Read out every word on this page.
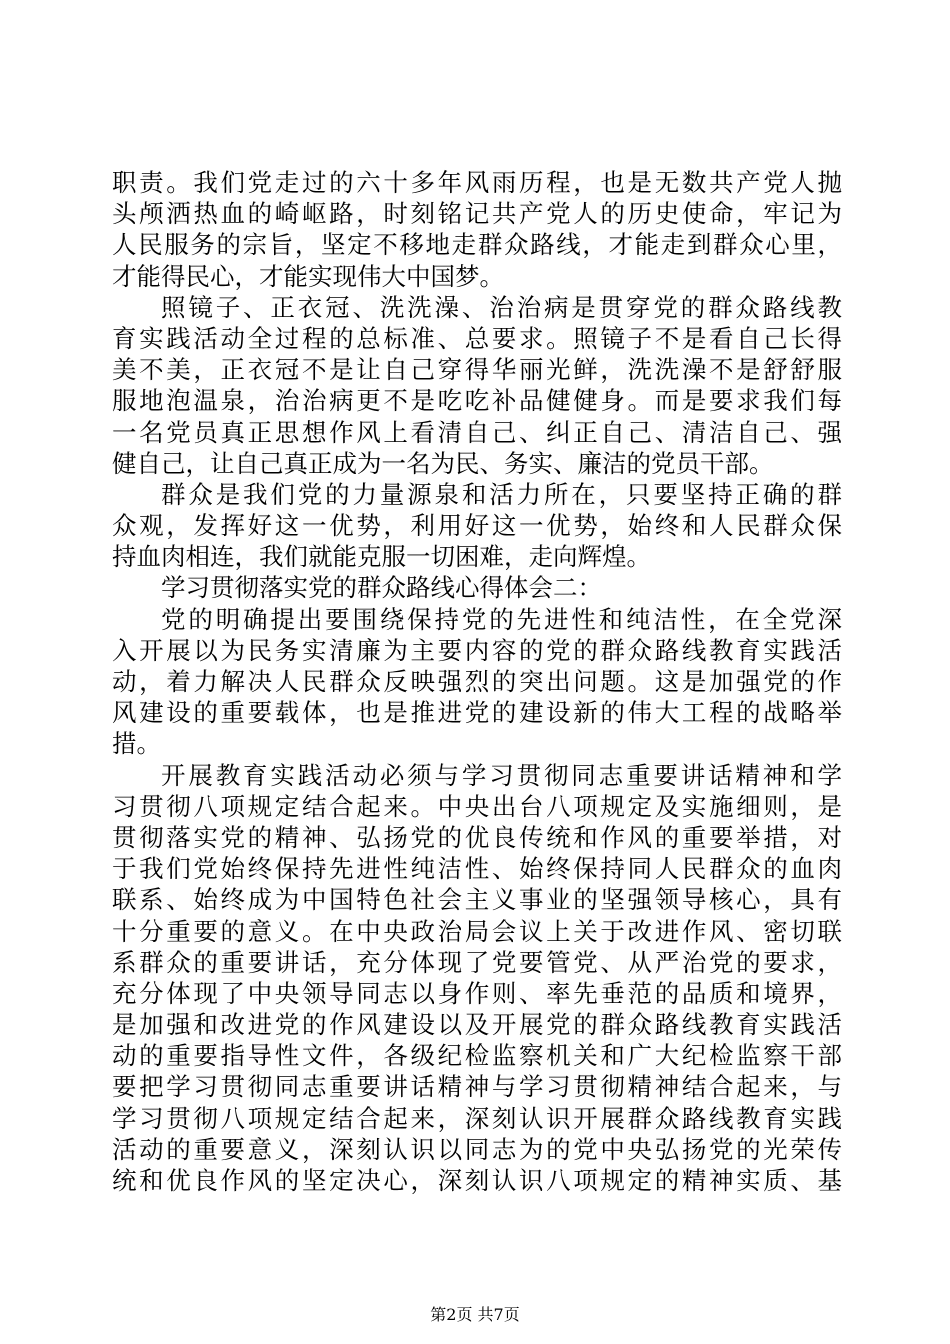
职责。我们党走过的六十多年风雨历程，也是无数共产党人抛
头颅洒热血的崎岖路，时刻铭记共产党人的历史使命，牢记为
人民服务的宗旨，坚定不移地走群众路线，才能走到群众心里，
才能得民心，才能实现伟大中国梦。
照镜子、正衣冠、洗洗澡、治治病是贯穿党的群众路线教
育实践活动全过程的总标准、总要求。照镜子不是看自己长得
美不美，正衣冠不是让自己穿得华丽光鲜，洗洗澡不是舒舒服
服地泡温泉，治治病更不是吃吃补品健健身。而是要求我们每
一名党员真正思想作风上看清自己、纠正自己、清洁自己、强
健自己，让自己真正成为一名为民、务实、廉洁的党员干部。
群众是我们党的力量源泉和活力所在，只要坚持正确的群
众观，发挥好这一优势，利用好这一优势，始终和人民群众保
持血肉相连，我们就能克服一切困难，走向辉煌。
学习贯彻落实党的群众路线心得体会二：
党的明确提出要围绕保持党的先进性和纯洁性，在全党深
入开展以为民务实清廉为主要内容的党的群众路线教育实践活
动，着力解决人民群众反映强烈的突出问题。这是加强党的作
风建设的重要载体，也是推进党的建设新的伟大工程的战略举
措。
开展教育实践活动必须与学习贯彻同志重要讲话精神和学
习贯彻八项规定结合起来。中央出台八项规定及实施细则，是
贯彻落实党的精神、弘扬党的优良传统和作风的重要举措，对
于我们党始终保持先进性纯洁性、始终保持同人民群众的血肉
联系、始终成为中国特色社会主义事业的坚强领导核心，具有
十分重要的意义。在中央政治局会议上关于改进作风、密切联
系群众的重要讲话，充分体现了党要管党、从严治党的要求，
充分体现了中央领导同志以身作则、率先垂范的品质和境界，
是加强和改进党的作风建设以及开展党的群众路线教育实践活
动的重要指导性文件，各级纪检监察机关和广大纪检监察干部
要把学习贯彻同志重要讲话精神与学习贯彻精神结合起来，与
学习贯彻八项规定结合起来，深刻认识开展群众路线教育实践
活动的重要意义，深刻认识以同志为的党中央弘扬党的光荣传
统和优良作风的坚定决心，深刻认识八项规定的精神实质、基
第2页 共7页
